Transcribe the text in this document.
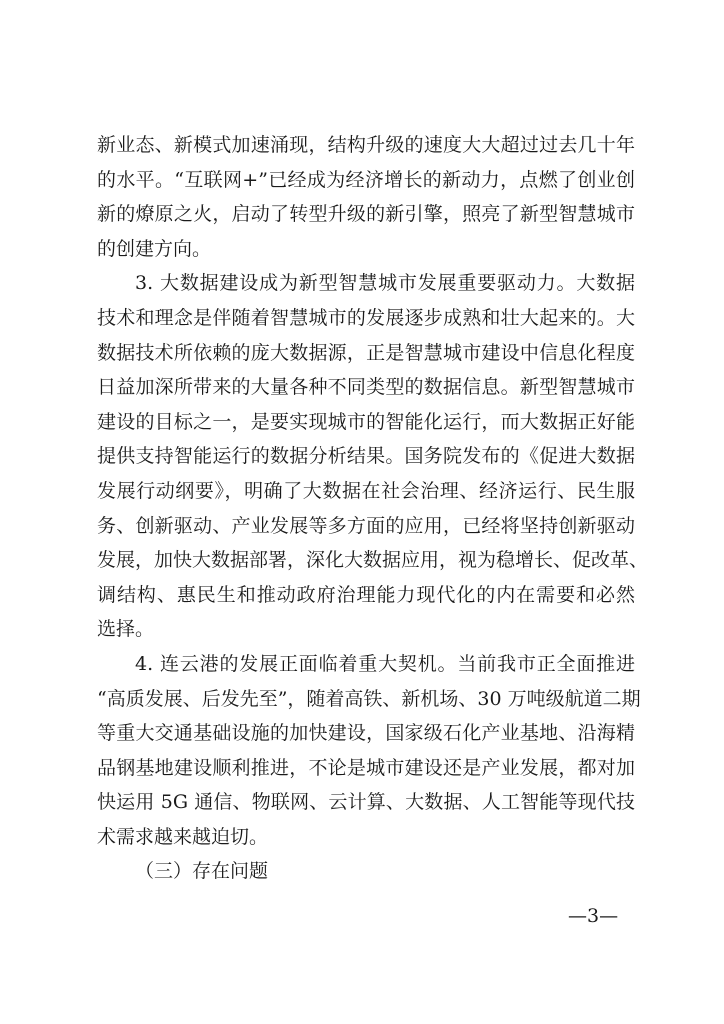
新业态、新模式加速涌现，结构升级的速度大大超过过去几十年
的水平。“互联网+”已经成为经济增长的新动力，点燃了创业创
新的燎原之火，启动了转型升级的新引擎，照亮了新型智慧城市
的创建方向。
3. 大数据建设成为新型智慧城市发展重要驱动力。大数据
技术和理念是伴随着智慧城市的发展逐步成熟和壮大起来的。大
数据技术所依赖的庞大数据源，正是智慧城市建设中信息化程度
日益加深所带来的大量各种不同类型的数据信息。新型智慧城市
建设的目标之一，是要实现城市的智能化运行，而大数据正好能
提供支持智能运行的数据分析结果。国务院发布的《促进大数据
发展行动纲要》，明确了大数据在社会治理、经济运行、民生服
务、创新驱动、产业发展等多方面的应用，已经将坚持创新驱动
发展，加快大数据部署，深化大数据应用，视为稳增长、促改革、
调结构、惠民生和推动政府治理能力现代化的内在需要和必然
选择。
4. 连云港的发展正面临着重大契机。当前我市正全面推进
“高质发展、后发先至”，随着高铁、新机场、30 万吨级航道二期
等重大交通基础设施的加快建设，国家级石化产业基地、沿海精
品钢基地建设顺利推进，不论是城市建设还是产业发展，都对加
快运用 5G 通信、物联网、云计算、大数据、人工智能等现代技
术需求越来越迫切。
（三）存在问题
—3—
